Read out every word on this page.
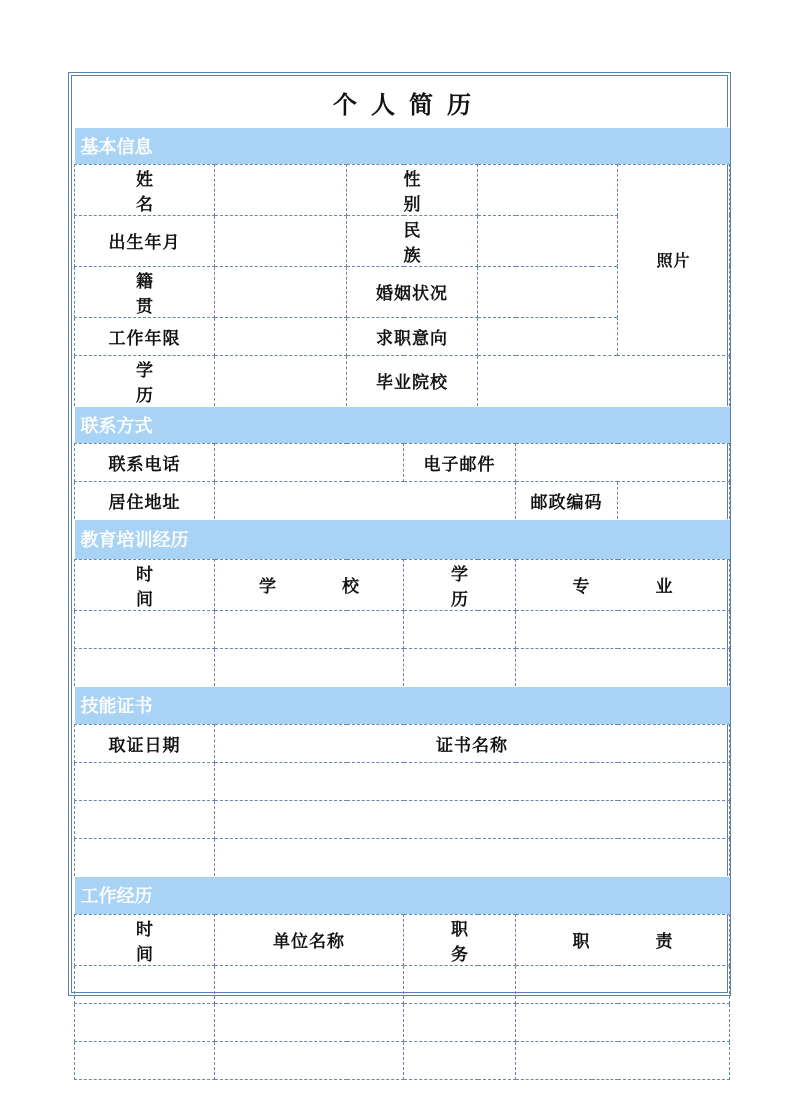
个人简历						
基本信息						
姓 名		性 别				照片
出生年月		民 族				
籍 贯		婚姻状况				
工作年限		求职意向				
学 历		毕业院校				
联系方式						
联系电话			电子邮件			
居住地址					邮政编码	
教育培训经历						
时 间	学 校		学 历		专 业	

技能证书						
取证日期	证书名称					

工作经历						
时 间	单位名称		职 务		职 责	
